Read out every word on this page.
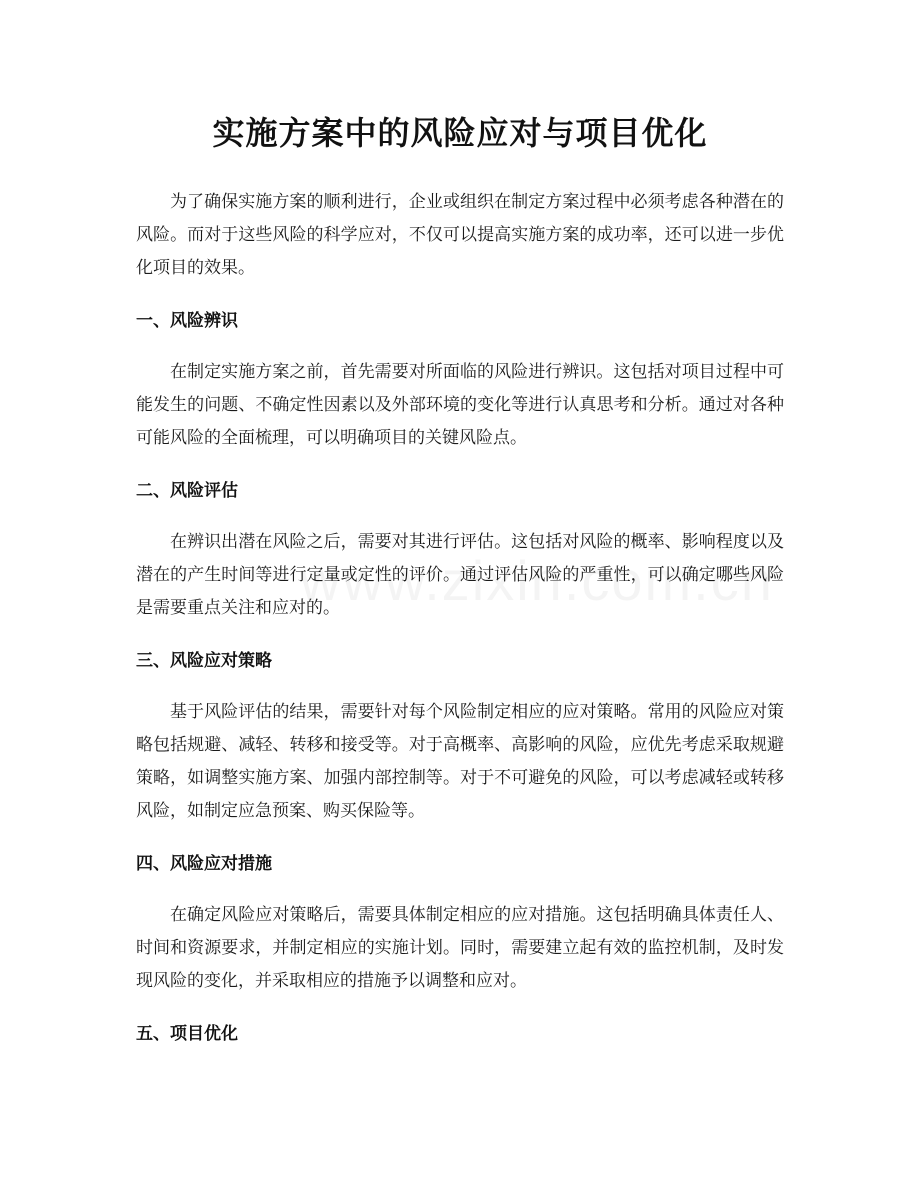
实施方案中的风险应对与项目优化

为了确保实施方案的顺利进行，企业或组织在制定方案过程中必须考虑各种潜在的风险。而对于这些风险的科学应对，不仅可以提高实施方案的成功率，还可以进一步优化项目的效果。

一、风险辨识

在制定实施方案之前，首先需要对所面临的风险进行辨识。这包括对项目过程中可能发生的问题、不确定性因素以及外部环境的变化等进行认真思考和分析。通过对各种可能风险的全面梳理，可以明确项目的关键风险点。

二、风险评估

在辨识出潜在风险之后，需要对其进行评估。这包括对风险的概率、影响程度以及潜在的产生时间等进行定量或定性的评价。通过评估风险的严重性，可以确定哪些风险是需要重点关注和应对的。

三、风险应对策略

基于风险评估的结果，需要针对每个风险制定相应的应对策略。常用的风险应对策略包括规避、减轻、转移和接受等。对于高概率、高影响的风险，应优先考虑采取规避策略，如调整实施方案、加强内部控制等。对于不可避免的风险，可以考虑减轻或转移风险，如制定应急预案、购买保险等。

四、风险应对措施

在确定风险应对策略后，需要具体制定相应的应对措施。这包括明确具体责任人、时间和资源要求，并制定相应的实施计划。同时，需要建立起有效的监控机制，及时发现风险的变化，并采取相应的措施予以调整和应对。

五、项目优化
